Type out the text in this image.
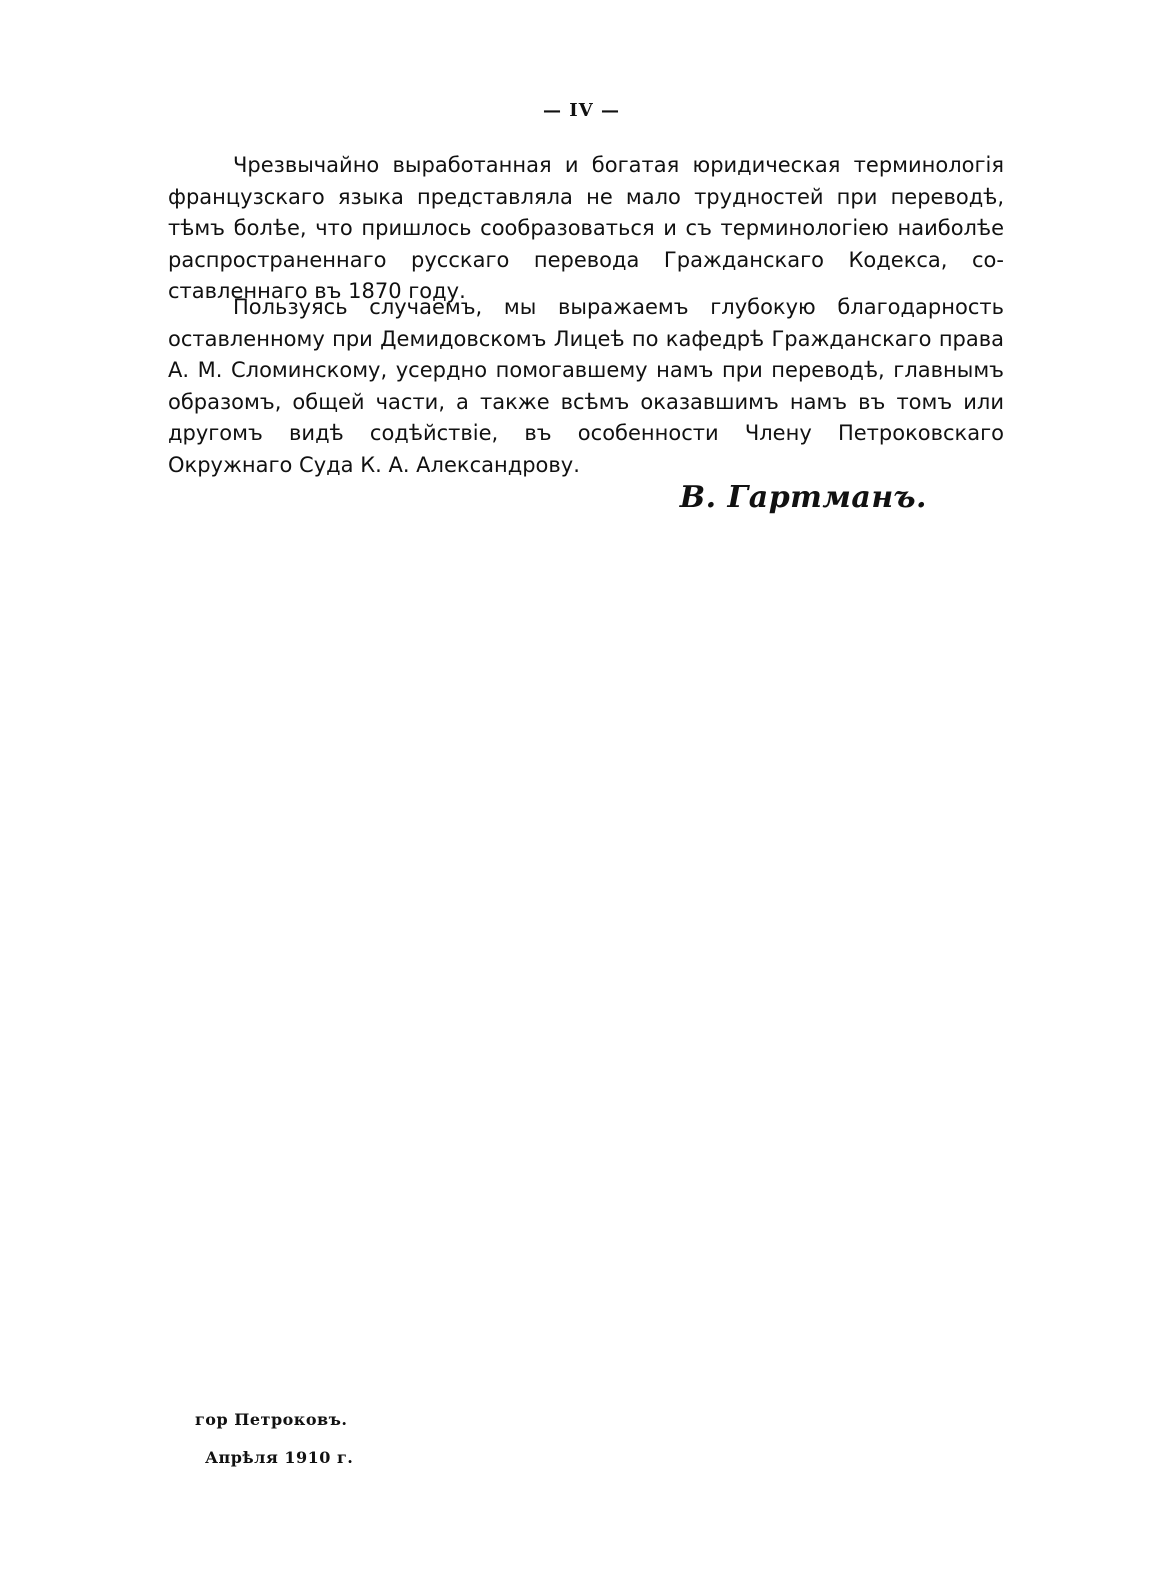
— IV —

Чрезвычайно выработанная и богатая юридическая терминологiя французскаго языка представляла не мало трудностей при переводѣ, тѣмъ болѣе, что пришлось сообразоваться и съ терминологiею наиболѣе распространеннаго русскаго перевода Гражданскаго Кодекса, составленнаго въ 1870 году.

Пользуясь случаемъ, мы выражаемъ глубокую благодарность оставленному при Демидовскомъ Лицеѣ по кафедрѣ Гражданскаго права А. М. Сломинскому, усердно помогавшему намъ при переводѣ, главнымъ образомъ, общей части, а также всѣмъ оказавшимъ намъ въ томъ или другомъ видѣ содѣйствiе, въ особенности Члену Петроковскаго Окружнаго Суда К. А. Александрову.

В. Гартманъ.
гор Петроковъ.
Апрѣля 1910 г.
